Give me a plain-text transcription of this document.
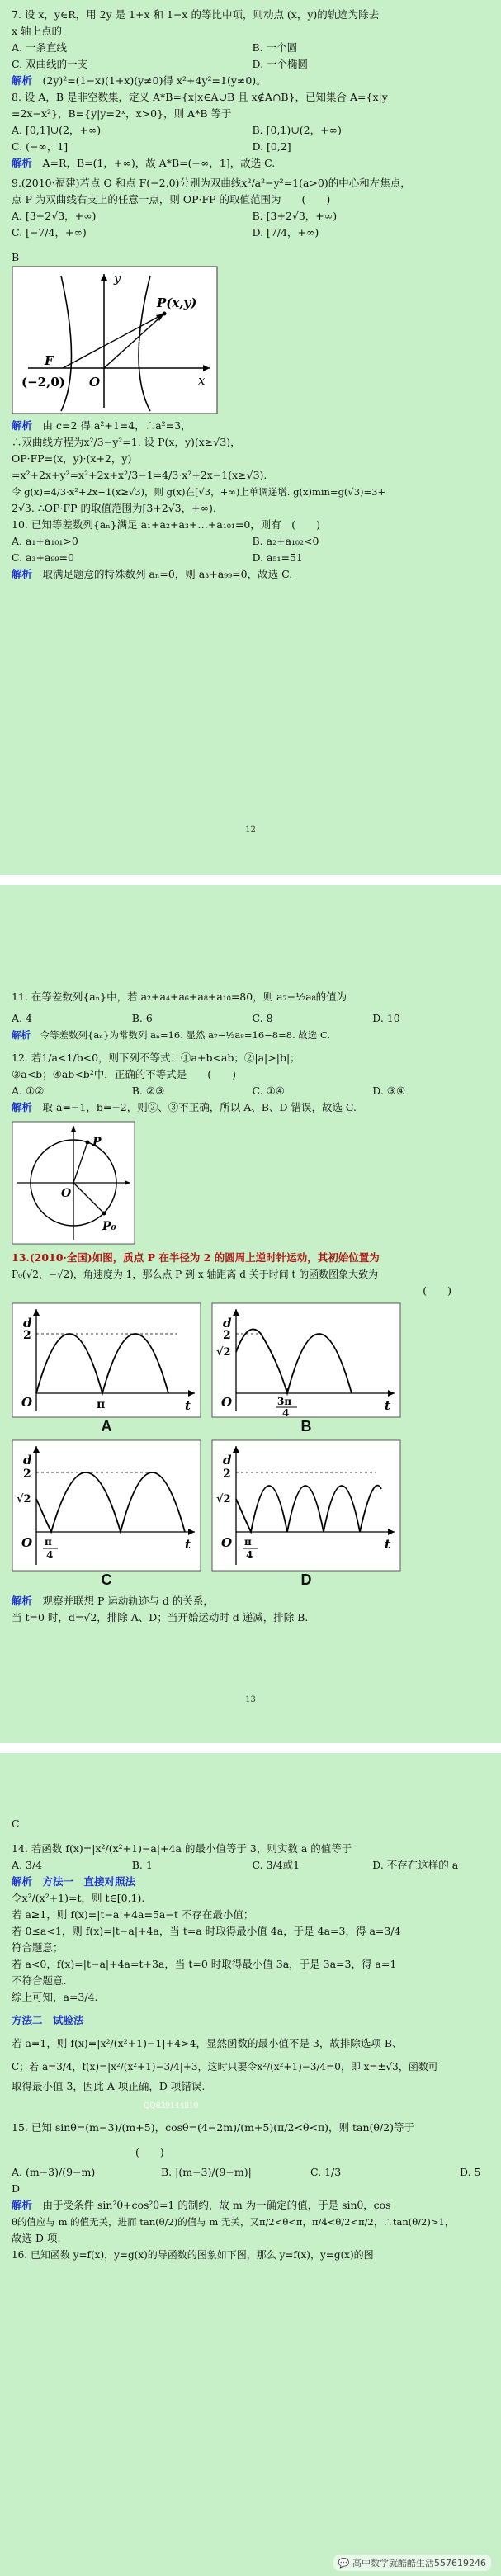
7. 设 x，y∈R，用 2y 是 1+x 和 1−x 的等比中项，则动点 (x，y)的轨迹为除去
x 轴上点的
A. 一条直线	B. 一个圆
C. 双曲线的一支	D. 一个椭圆
解析　 (2y)²=(1−x)(1+x)(y≠0)得 x²+4y²=1(y≠0)。
8. 设 A，B 是非空数集，定义 A*B={x|x∈A∪B 且 x∉A∩B}，已知集合 A={x|y
=2x−x²}，B={y|y=2ˣ，x>0}，则 A*B 等于
A. [0,1]∪(2，+∞)	B. [0,1)∪(2，+∞)
C. (−∞，1]	D. [0,2]
解析　 A=R，B=(1，+∞)，故 A*B=(−∞，1]，故选 C.
9.(2010·福建)若点 O 和点 F(−2,0)分别为双曲线x²/a²−y²=1(a>0)的中心和左焦点，
点 P 为双曲线右支上的任意一点，则 OP·FP 的取值范围为　　(　　)
A. [3−2√3，+∞)	B. [3+2√3，+∞)
C. [−7/4，+∞)	D. [7/4，+∞)
B
y
x
P(x,y)
F
(−2,0) O
QQ839144810
解析　 由 c=2 得 a²+1=4，∴a²=3，
∴双曲线方程为x²/3−y²=1. 设 P(x，y)(x≥√3)，
OP·FP=(x，y)·(x+2，y)
=x²+2x+y²=x²+2x+x²/3−1=4/3·x²+2x−1(x≥√3).
令 g(x)=4/3·x²+2x−1(x≥√3)，则 g(x)在[√3，+∞)上单调递增. g(x)min=g(√3)=3+
2√3. ∴OP·FP 的取值范围为[3+2√3，+∞).
10. 已知等差数列{aₙ}满足 a₁+a₂+a₃+…+a₁₀₁=0，则有　(　　)
A. a₁+a₁₀₁>0	B. a₂+a₁₀₂<0
C. a₃+a₉₉=0	D. a₅₁=51
解析　 取满足题意的特殊数列 aₙ=0，则 a₃+a₉₉=0，故选 C.
12
11. 在等差数列{aₙ}中，若 a₂+a₄+a₆+a₈+a₁₀=80，则 a₇−½a₈的值为
A. 4	B. 6	C. 8	D. 10
解析　 令等差数列{aₙ}为常数列 aₙ=16. 显然 a₇−½a₈=16−8=8. 故选 C.
12. 若1/a<1/b<0，则下列不等式：①a+b<ab；②|a|>|b|；
③a<b；④ab<b²中，正确的不等式是　　(　　)
A. ①②	B. ②③	C. ①④	D. ③④
解析　 取 a=−1，b=−2，则②、③不正确，所以 A、B、D 错误，故选 C.
P
O
P₀
13.(2010·全国)如图，质点 P 在半径为 2 的圆周上逆时针运动，其初始位置为
P₀(√2，−√2)，角速度为 1，那么点 P 到 x 轴距离 d 关于时间 t 的函数图象大致为
(　　)
d
t
O
2
π
d
t
O
√2
2
3π
4
A	B
d
t
O
√2
2
π
4
d
t
O
√2
2
π
4
C	D
解析　 观察并联想 P 运动轨迹与 d 的关系，
当 t=0 时，d=√2，排除 A、D；当开始运动时 d 递减，排除 B.
13
C
14. 若函数 f(x)=|x²/(x²+1)−a|+4a 的最小值等于 3，则实数 a 的值等于
A. 3/4	B. 1	C. 3/4或1	D. 不存在这样的 a
解析　 方法一　直接对照法
令x²/(x²+1)=t，则 t∈[0,1).
若 a≥1，则 f(x)=|t−a|+4a=5a−t 不存在最小值；
若 0≤a<1，则 f(x)=|t−a|+4a，当 t=a 时取得最小值 4a，于是 4a=3，得 a=3/4
符合题意；
若 a<0，f(x)=|t−a|+4a=t+3a，当 t=0 时取得最小值 3a，于是 3a=3，得 a=1
不符合题意.
综上可知，a=3/4.
方法二　试验法
若 a=1，则 f(x)=|x²/(x²+1)−1|+4>4，显然函数的最小值不是 3，故排除选项 B、
C；若 a=3/4，f(x)=|x²/(x²+1)−3/4|+3，这时只要令x²/(x²+1)−3/4=0，即 x=±√3，函数可
取得最小值 3，因此 A 项正确，D 项错误.
QQ839144810
15. 已知 sinθ=(m−3)/(m+5)，cosθ=(4−2m)/(m+5)(π/2<θ<π)，则 tan(θ/2)等于
(　　)
A. (m−3)/(9−m)	B. |(m−3)/(9−m)|	C. 1/3	D. 5
D
解析　 由于受条件 sin²θ+cos²θ=1 的制约，故 m 为一确定的值，于是 sinθ，cos
θ的值应与 m 的值无关，进而 tan(θ/2)的值与 m 无关，又π/2<θ<π，π/4<θ/2<π/2，∴tan(θ/2)>1，
故选 D 项.
16. 已知函数 y=f(x)，y=g(x)的导函数的图象如下图，那么 y=f(x)，y=g(x)的图
💬 高中数学就酷酷生活557619246
